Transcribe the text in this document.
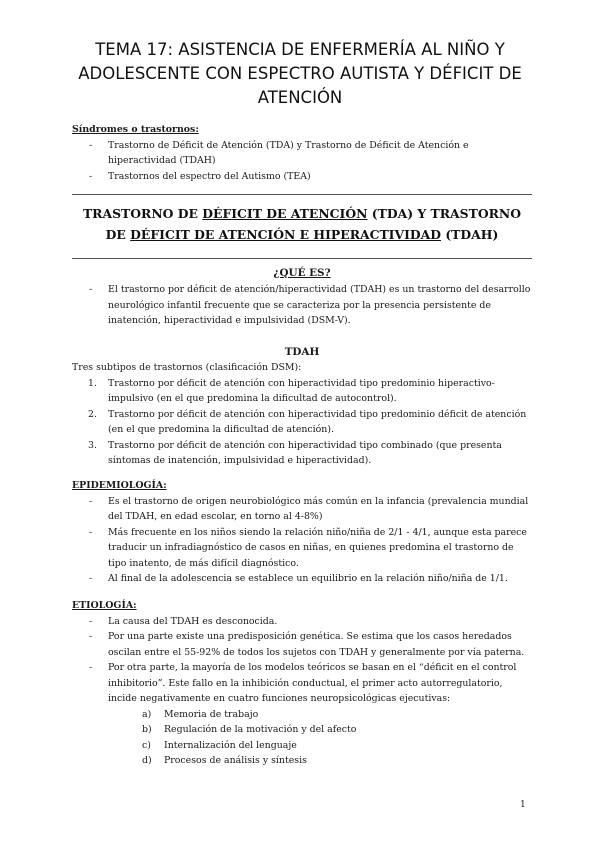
TEMA 17: ASISTENCIA DE ENFERMERÍA AL NIÑO Y ADOLESCENTE CON ESPECTRO AUTISTA Y DÉFICIT DE ATENCIÓN
Síndromes o trastornos:
- Trastorno de Déficit de Atención (TDA) y Trastorno de Déficit de Atención e hiperactividad (TDAH)
- Trastornos del espectro del Autismo (TEA)
TRASTORNO DE DÉFICIT DE ATENCIÓN (TDA) Y TRASTORNO DE DÉFICIT DE ATENCIÓN E HIPERACTIVIDAD (TDAH)
¿QUÉ ES?
- El trastorno por déficit de atención/hiperactividad (TDAH) es un trastorno del desarrollo neurológico infantil frecuente que se caracteriza por la presencia persistente de inatención, hiperactividad e impulsividad (DSM-V).
TDAH
Tres subtipos de trastornos (clasificación DSM):
1. Trastorno por déficit de atención con hiperactividad tipo predominio hiperactivo-impulsivo (en el que predomina la dificultad de autocontrol).
2. Trastorno por déficit de atención con hiperactividad tipo predominio déficit de atención (en el que predomina la dificultad de atención).
3. Trastorno por déficit de atención con hiperactividad tipo combinado (que presenta síntomas de inatención, impulsividad e hiperactividad).
EPIDEMIOLOGÍA:
- Es el trastorno de origen neurobiológico más común en la infancia (prevalencia mundial del TDAH, en edad escolar, en torno al 4-8%)
- Más frecuente en los niños siendo la relación niño/niña de 2/1 - 4/1, aunque esta parece traducir un infradiagnóstico de casos en niñas, en quienes predomina el trastorno de tipo inatento, de más difícil diagnóstico.
- Al final de la adolescencia se establece un equilibrio en la relación niño/niña de 1/1.
ETIOLOGÍA:
- La causa del TDAH es desconocida.
- Por una parte existe una predisposición genética. Se estima que los casos heredados oscilan entre el 55-92% de todos los sujetos con TDAH y generalmente por vía paterna.
- Por otra parte, la mayoría de los modelos teóricos se basan en el “déficit en el control inhibitorio”. Este fallo en la inhibición conductual, el primer acto autorregulatorio, incide negativamente en cuatro funciones neuropsicológicas ejecutivas:
a) Memoria de trabajo
b) Regulación de la motivación y del afecto
c) Internalización del lenguaje
d) Procesos de análisis y síntesis
1
